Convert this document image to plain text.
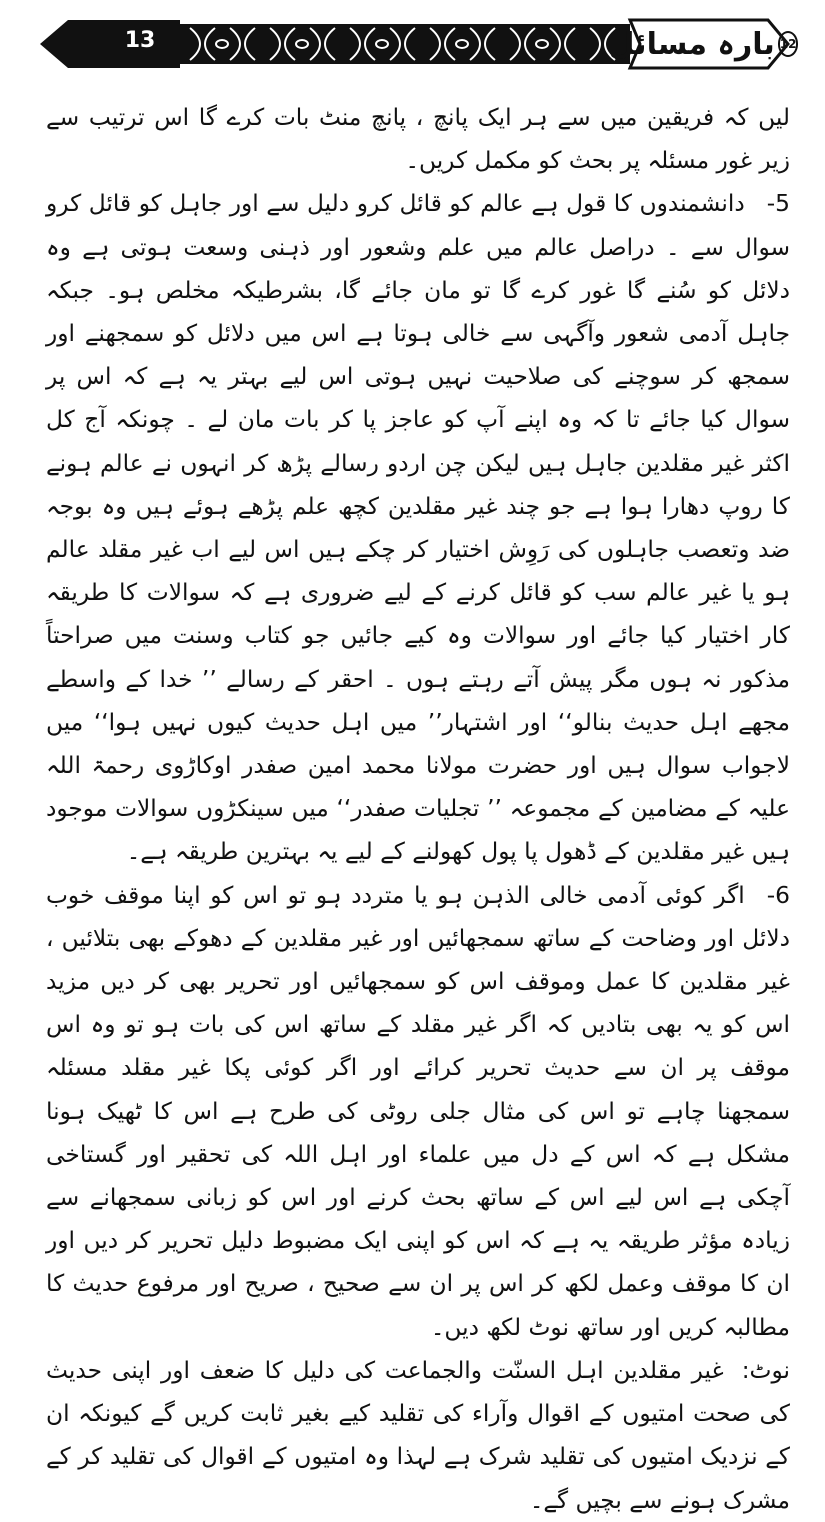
13	بارہ مسائل 12

لیں کہ فریقین میں سے ہر ایک پانچ ، پانچ منٹ بات کرے گا اس ترتیب سے زیر غور مسئلہ پر بحث کو مکمل کریں۔

-5دانشمندوں کا قول ہے عالم کو قائل کرو دلیل سے اور جاہل کو قائل کرو سوال سے ۔ دراصل عالم میں علم وشعور اور ذہنی وسعت ہوتی ہے وہ دلائل کو سُنے گا غور کرے گا تو مان جائے گا، بشرطیکہ مخلص ہو۔ جبکہ جاہل آدمی شعور وآگہی سے خالی ہوتا ہے اس میں دلائل کو سمجھنے اور سمجھ کر سوچنے کی صلاحیت نہیں ہوتی اس لیے بہتر یہ ہے کہ اس پر سوال کیا جائے تا کہ وہ اپنے آپ کو عاجز پا کر بات مان لے ۔ چونکہ آج کل اکثر غیر مقلدین جاہل ہیں لیکن چن اردو رسالے پڑھ کر انہوں نے عالم ہونے کا روپ دھارا ہوا ہے جو چند غیر مقلدین کچھ علم پڑھے ہوئے ہیں وہ بوجہ ضد وتعصب جاہلوں کی رَوِش اختیار کر چکے ہیں اس لیے اب غیر مقلد عالم ہو یا غیر عالم سب کو قائل کرنے کے لیے ضروری ہے کہ سوالات کا طریقہ کار اختیار کیا جائے اور سوالات وہ کیے جائیں جو کتاب وسنت میں صراحتاً مذکور نہ ہوں مگر پیش آتے رہتے ہوں ۔ احقر کے رسالے ’’ خدا کے واسطے مجھے اہل حدیث بنالو‘‘ اور اشتہار’’ میں اہل حدیث کیوں نہیں ہوا‘‘ میں لاجواب سوال ہیں اور حضرت مولانا محمد امین صفدر اوکاڑوی رحمۃ اللہ علیہ کے مضامین کے مجموعہ ’’ تجلیات صفدر‘‘ میں سینکڑوں سوالات موجود ہیں غیر مقلدین کے ڈھول پا پول کھولنے کے لیے یہ بہترین طریقہ ہے۔

-6اگر کوئی آدمی خالی الذہن ہو یا متردد ہو تو اس کو اپنا موقف خوب دلائل اور وضاحت کے ساتھ سمجھائیں اور غیر مقلدین کے دھوکے بھی بتلائیں ، غیر مقلدین کا عمل وموقف اس کو سمجھائیں اور تحریر بھی کر دیں مزید اس کو یہ بھی بتادیں کہ اگر غیر مقلد کے ساتھ اس کی بات ہو تو وہ اس موقف پر ان سے حدیث تحریر کرائے اور اگر کوئی پکا غیر مقلد مسئلہ سمجھنا چاہے تو اس کی مثال جلی روٹی کی طرح ہے اس کا ٹھیک ہونا مشکل ہے کہ اس کے دل میں علماء اور اہل اللہ کی تحقیر اور گستاخی آچکی ہے اس لیے اس کے ساتھ بحث کرنے اور اس کو زبانی سمجھانے سے زیادہ مؤثر طریقہ یہ ہے کہ اس کو اپنی ایک مضبوط دلیل تحریر کر دیں اور ان کا موقف وعمل لکھ کر اس پر ان سے صحیح ، صریح اور مرفوع حدیث کا مطالبہ کریں اور ساتھ نوٹ لکھ دیں۔

نوٹ:غیر مقلدین اہل السنّت والجماعت کی دلیل کا ضعف اور اپنی حدیث کی صحت امتیوں کے اقوال وآراء کی تقلید کیے بغیر ثابت کریں گے کیونکہ ان کے نزدیک امتیوں کی تقلید شرک ہے لہذا وہ امتیوں کے اقوال کی تقلید کر کے مشرک ہونے سے بچیں گے۔
